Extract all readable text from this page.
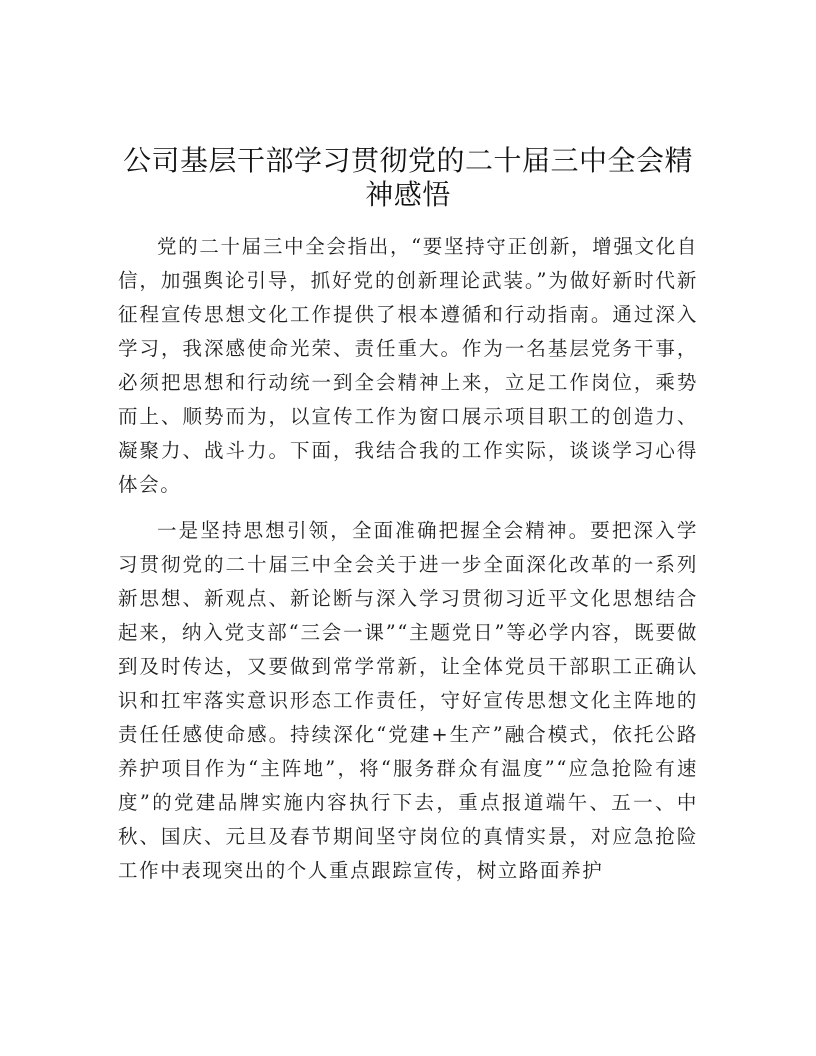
公司基层干部学习贯彻党的二十届三中全会精神感悟

党的二十届三中全会指出，“要坚持守正创新，增强文化自信，加强舆论引导，抓好党的创新理论武装。”为做好新时代新征程宣传思想文化工作提供了根本遵循和行动指南。通过深入学习，我深感使命光荣、责任重大。作为一名基层党务干事，必须把思想和行动统一到全会精神上来，立足工作岗位，乘势而上、顺势而为，以宣传工作为窗口展示项目职工的创造力、凝聚力、战斗力。下面，我结合我的工作实际，谈谈学习心得体会。

一是坚持思想引领，全面准确把握全会精神。要把深入学习贯彻党的二十届三中全会关于进一步全面深化改革的一系列新思想、新观点、新论断与深入学习贯彻习近平文化思想结合起来，纳入党支部“三会一课”“主题党日”等必学内容，既要做到及时传达，又要做到常学常新，让全体党员干部职工正确认识和扛牢落实意识形态工作责任，守好宣传思想文化主阵地的责任任感使命感。持续深化“党建+生产”融合模式，依托公路养护项目作为“主阵地”，将“服务群众有温度”“应急抢险有速度”的党建品牌实施内容执行下去，重点报道端午、五一、中秋、国庆、元旦及春节期间坚守岗位的真情实景，对应急抢险工作中表现突出的个人重点跟踪宣传，树立路面养护
